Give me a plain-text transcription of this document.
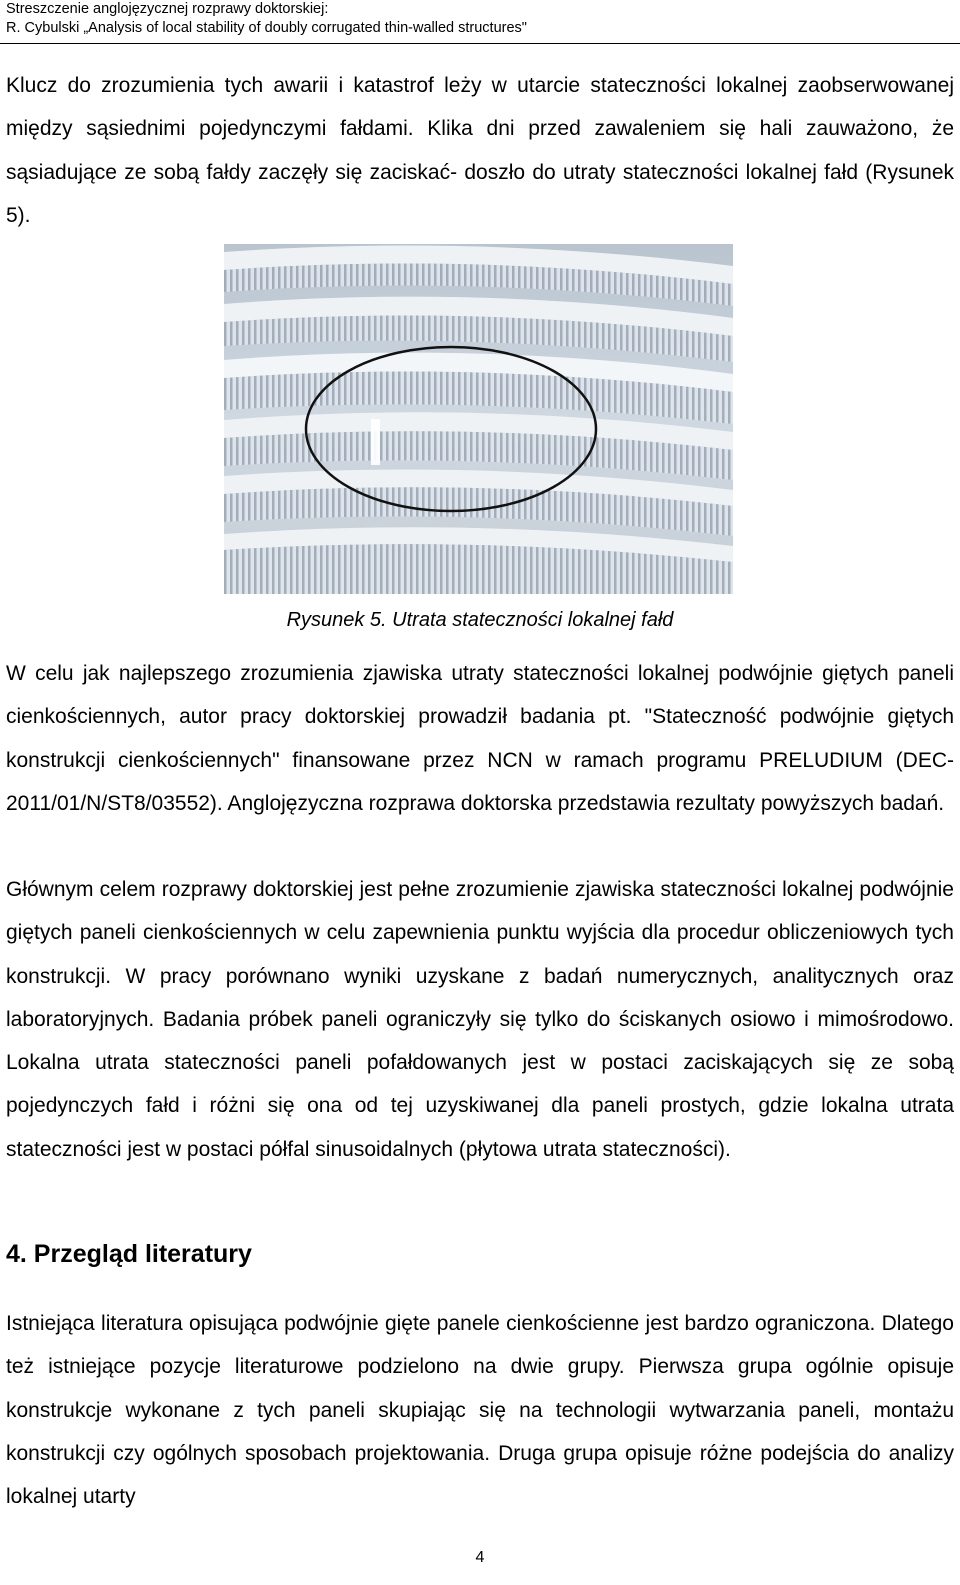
Streszczenie anglojęzycznej rozprawy doktorskiej:
R. Cybulski „Analysis of local stability of doubly corrugated thin-walled structures"

Klucz do zrozumienia tych awarii i katastrof leży w utarcie stateczności lokalnej zaobserwowanej między sąsiednimi pojedynczymi fałdami. Klika dni przed zawaleniem się hali zauważono, że sąsiadujące ze sobą fałdy zaczęły się zaciskać- doszło do utraty stateczności lokalnej fałd (Rysunek 5).

Rysunek 5. Utrata stateczności lokalnej fałd

W celu jak najlepszego zrozumienia zjawiska utraty stateczności lokalnej podwójnie giętych paneli cienkościennych, autor pracy doktorskiej prowadził badania pt. "Stateczność podwójnie giętych konstrukcji cienkościennych" finansowane przez NCN w ramach programu PRELUDIUM (DEC-2011/01/N/ST8/03552). Anglojęzyczna rozprawa doktorska przedstawia rezultaty powyższych badań.

Głównym celem rozprawy doktorskiej jest pełne zrozumienie zjawiska stateczności lokalnej podwójnie giętych paneli cienkościennych w celu zapewnienia punktu wyjścia dla procedur obliczeniowych tych konstrukcji. W pracy porównano wyniki uzyskane z badań numerycznych, analitycznych oraz laboratoryjnych. Badania próbek paneli ograniczyły się tylko do ściskanych osiowo i mimośrodowo. Lokalna utrata stateczności paneli pofałdowanych jest w postaci zaciskających się ze sobą pojedynczych fałd i różni się ona od tej uzyskiwanej dla paneli prostych, gdzie lokalna utrata stateczności jest w postaci półfal sinusoidalnych (płytowa utrata stateczności).

4. Przegląd literatury

Istniejąca literatura opisująca podwójnie gięte panele cienkościenne jest bardzo ograniczona. Dlatego też istniejące pozycje literaturowe podzielono na dwie grupy. Pierwsza grupa ogólnie opisuje konstrukcje wykonane z tych paneli skupiając się na technologii wytwarzania paneli, montażu konstrukcji czy ogólnych sposobach projektowania. Druga grupa opisuje różne podejścia do analizy lokalnej utarty

4
